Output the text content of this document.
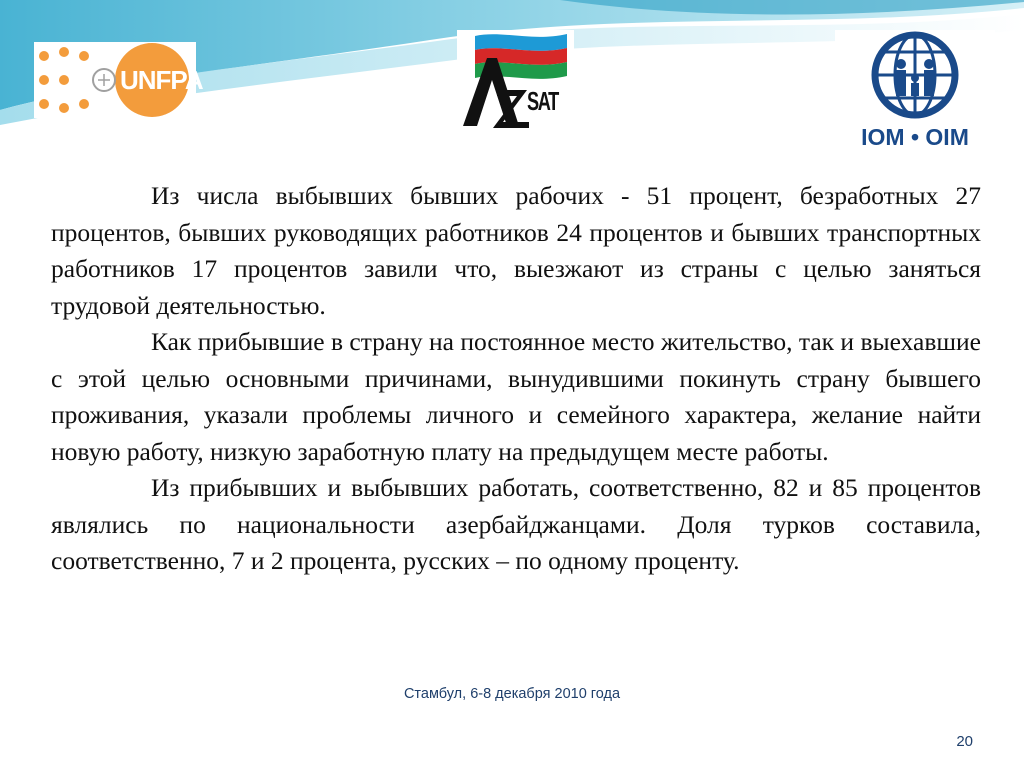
UNFPA
SAT
IOM • OIM

Из числа выбывших бывших рабочих - 51 процент, безработных 27 процентов, бывших руководящих работников 24 процентов и бывших транспортных работников 17 процентов завили что, выезжают из страны с целью заняться трудовой деятельностью.

Как прибывшие в страну на постоянное место жительство, так и выехавшие с этой целью основными причинами, вынудившими покинуть страну бывшего проживания, указали проблемы личного и семейного характера, желание найти новую работу, низкую заработную плату на предыдущем месте работы.

Из прибывших и выбывших работать, соответственно, 82 и 85 процентов являлись по национальности азербайджанцами. Доля турков составила, соответственно, 7 и 2 процента, русских – по одному проценту.

Стамбул, 6-8 декабря 2010 года
20
